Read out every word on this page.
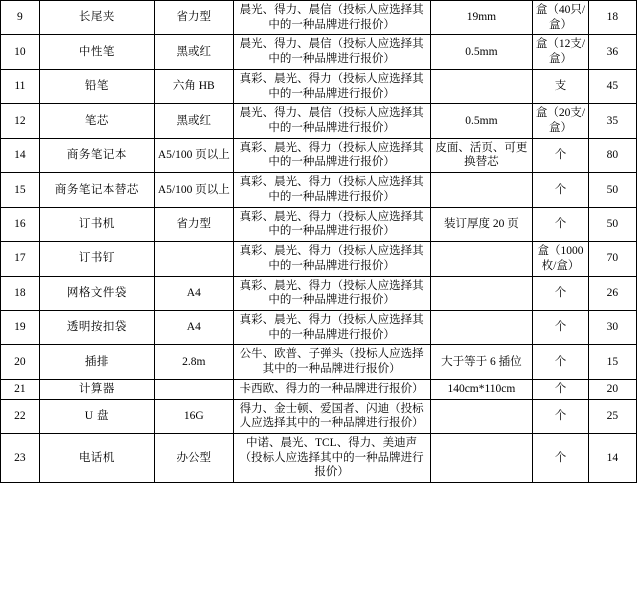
9	长尾夹	省力型	晨光、得力、晨信（投标人应选择其中的一种品牌进行报价）	19mm	盒（40只/盒）	18
10	中性笔	黑或红	晨光、得力、晨信（投标人应选择其中的一种品牌进行报价）	0.5mm	盒（12支/盒）	36
11	铅笔	六角 HB	真彩、晨光、得力（投标人应选择其中的一种品牌进行报价）		支	45
12	笔芯	黑或红	晨光、得力、晨信（投标人应选择其中的一种品牌进行报价）	0.5mm	盒（20支/盒）	35
14	商务笔记本	A5/100 页以上	真彩、晨光、得力（投标人应选择其中的一种品牌进行报价）	皮面、活页、可更换替芯	个	80
15	商务笔记本替芯	A5/100 页以上	真彩、晨光、得力（投标人应选择其中的一种品牌进行报价）		个	50
16	订书机	省力型	真彩、晨光、得力（投标人应选择其中的一种品牌进行报价）	装订厚度 20 页	个	50
17	订书钉		真彩、晨光、得力（投标人应选择其中的一种品牌进行报价）		盒（1000 枚/盒）	70
18	网格文件袋	A4	真彩、晨光、得力（投标人应选择其中的一种品牌进行报价）		个	26
19	透明按扣袋	A4	真彩、晨光、得力（投标人应选择其中的一种品牌进行报价）		个	30
20	插排	2.8m	公牛、欧普、子弹头（投标人应选择其中的一种品牌进行报价）	大于等于 6 插位	个	15
21	计算器		卡西欧、得力的一种品牌进行报价）	140cm*110cm	个	20
22	U 盘	16G	得力、金士顿、爱国者、闪迪（投标人应选择其中的一种品牌进行报价）		个	25
23	电话机	办公型	中诺、晨光、TCL、得力、美迪声（投标人应选择其中的一种品牌进行报价）		个	14
